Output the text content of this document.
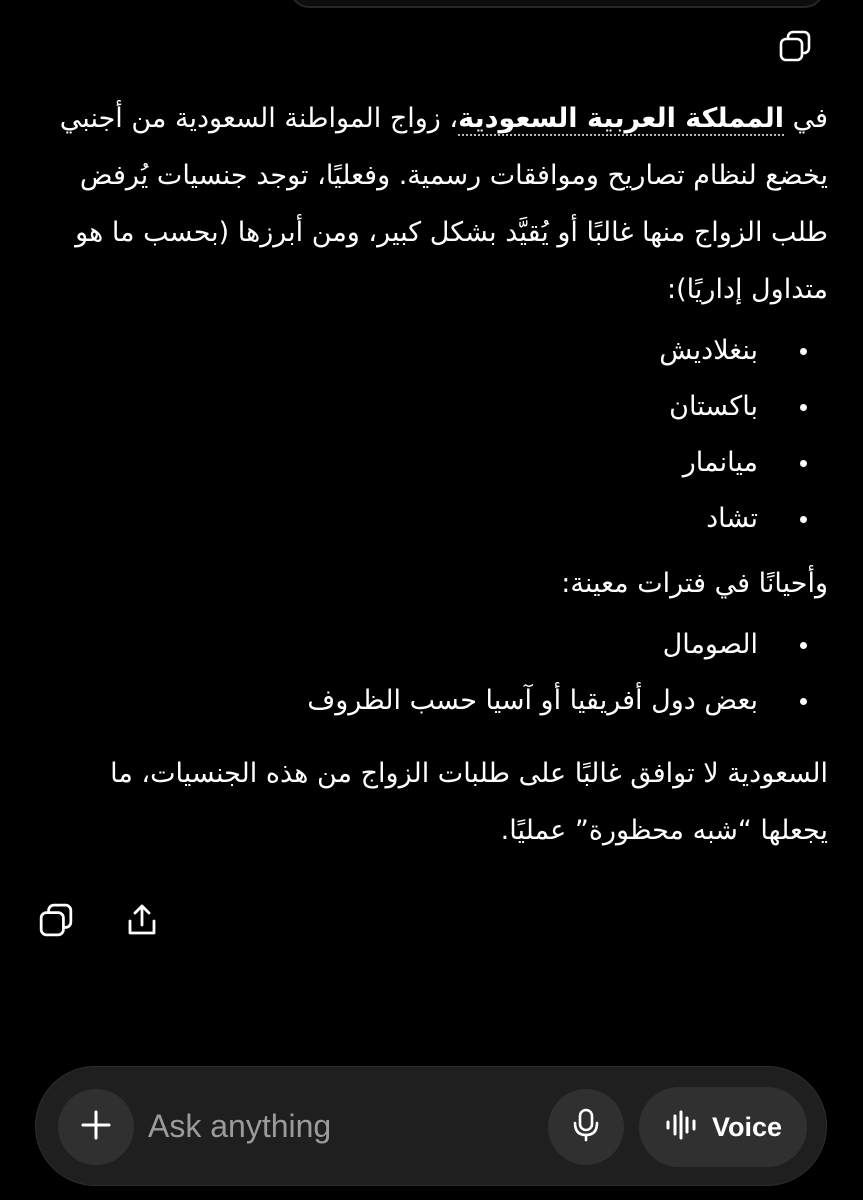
في المملكة العربية السعودية، زواج المواطنة السعودية من أجنبي يخضع لنظام تصاريح وموافقات رسمية. وفعليًا، توجد جنسيات يُرفض طلب الزواج منها غالبًا أو يُقيَّد بشكل كبير، ومن أبرزها (بحسب ما هو متداول إداريًا):

بنغلاديش
باكستان
ميانمار
تشاد

وأحيانًا في فترات معينة:

الصومال
بعض دول أفريقيا أو آسيا حسب الظروف

السعودية لا توافق غالبًا على طلبات الزواج من هذه الجنسيات، ما يجعلها “شبه محظورة” عمليًا.

Ask anything
Voice
